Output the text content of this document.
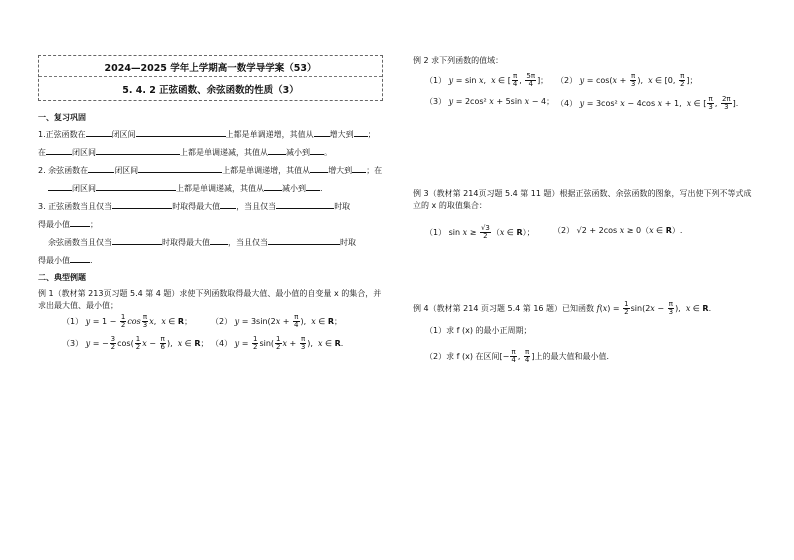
2024—2025 学年上学期高一数学导学案（53）
5. 4. 2 正弦函数、余弦函数的性质（3）
一、复习巩固
1.正弦函数在	闭区间	上都是单调递增，其值从 增大到 ；
在	闭区间	上都是单调递减，其值从 减小到 。
2. 余弦函数在	闭区间	上都是单调递增，其值从 增大到 ；在
闭区间	上都是单调递减，其值从 减小到 .
3. 正弦函数当且仅当	时取得最大值 ，当且仅当	时取
得最小值	；
余弦函数当且仅当	时取得最大值 ，当且仅当	时取
得最小值	.
二、典型例题
例 1（教材第 213页习题 5.4 第 4 题）求使下列函数取得最大值、最小值的自变量 x 的集合，并
求出最大值、最小值；
（1） $y = 1 - \frac{1}{2}$ $\cos \frac{\pi}{3} x$,  x ∈ R； （2） $y = 3\sin(2x + \frac{\pi}{4}$ ),  x ∈ R；
（3） y = − $\frac{3}{2} \cos( \frac{1}{2}$ $x - \frac{\pi}{6}$ ),  x ∈ R； （4） $y = \frac{1}{2} \sin( \frac{1}{2}$ $x + \frac{\pi}{3}$ ),  x ∈ R.
例 2 求下列函数的值域：
（1） y = sin x,  x ∈ [ $\frac{\pi}{4}$ , $\frac{5\pi}{4}$ ]； （2） $y = \cos(x + \frac{\pi}{3}$ ),  x ∈ [0, $\frac{\pi}{2}$ ]；
（3） y = 2cos² x + 5sin x − 4； （4） y = 3cos² x − 4cos x + 1,  x ∈ [ $\frac{\pi}{3}$ , $\frac{2\pi}{3}$ ].
例 3（教材第 214页习题 5.4 第 11 题）根据正弦函数、余弦函数的图象，写出使下列不等式成
立的 x 的取值集合：
（1） $\sin x \ge \frac{√3}{2} (x$ ∈ R）； （2） √2 + 2cos x ≥ 0（x ∈ R）.
例 4（教材第 214 页习题 5.4 第 16 题）已知函数 $f(x) = \frac{1}{2} \sin(2x - \frac{\pi}{3}$ ),  x ∈ R.
（1）求 f (x) 的最小正周期；
（2）求 f (x) 在区间[− $\frac{\pi}{4}$ , $\frac{\pi}{4}$ ]上的最大值和最小值．
